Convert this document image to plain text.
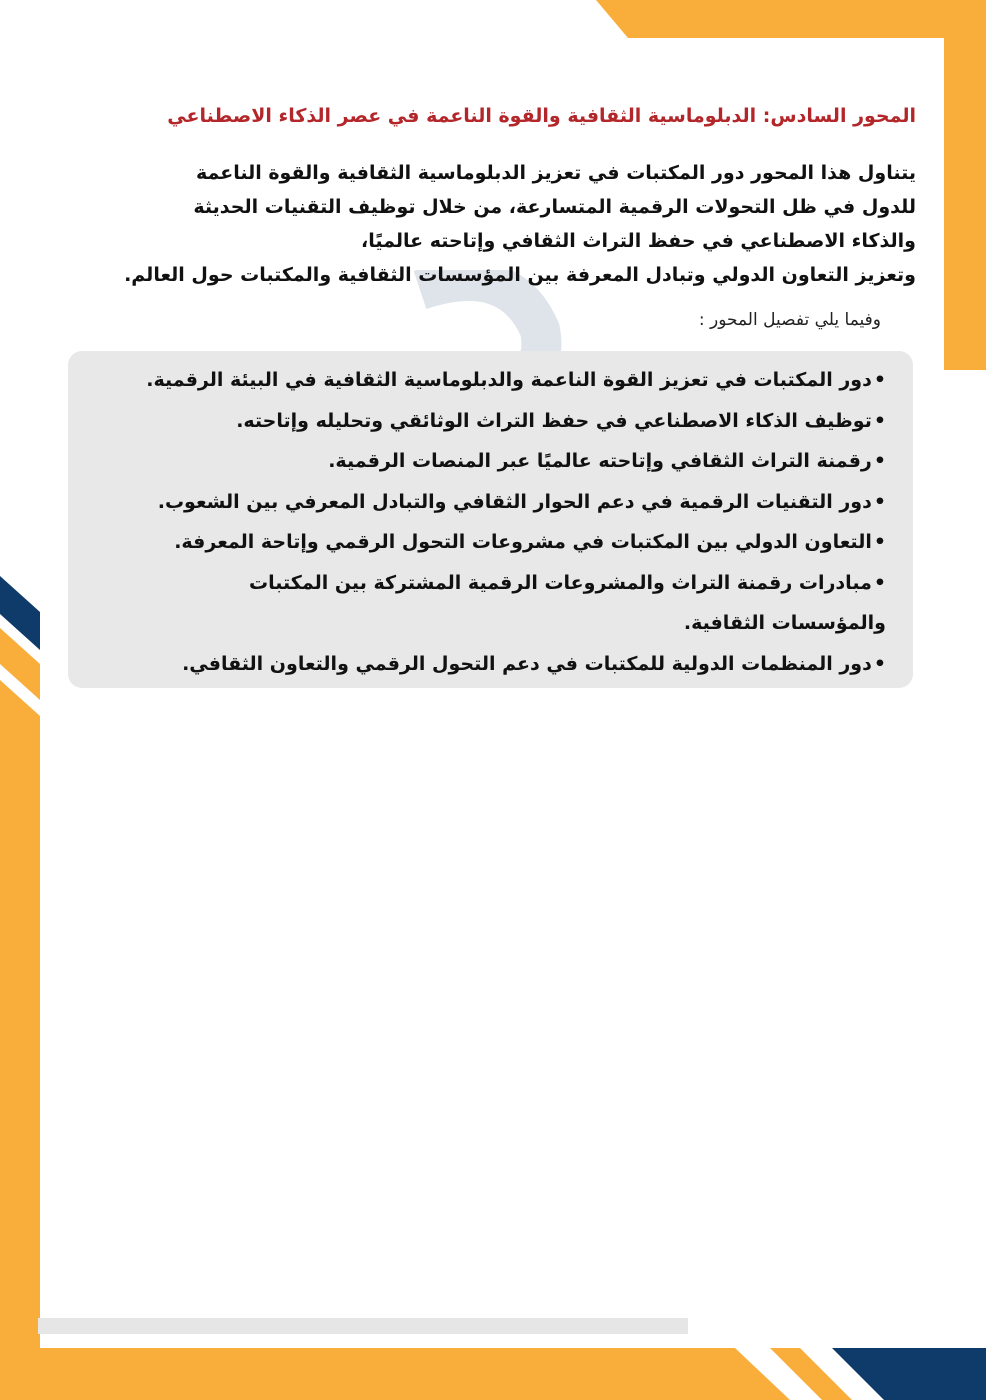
المحور السادس: الدبلوماسية الثقافية والقوة الناعمة في عصر الذكاء الاصطناعي

يتناول هذا المحور دور المكتبات في تعزيز الدبلوماسية الثقافية والقوة الناعمة

للدول في ظل التحولات الرقمية المتسارعة، من خلال توظيف التقنيات الحديثة

والذكاء الاصطناعي في حفظ التراث الثقافي وإتاحته عالميًا،

وتعزيز التعاون الدولي وتبادل المعرفة بين المؤسسات الثقافية والمكتبات حول العالم.

وفيما يلي تفصيل المحور :
•دور المكتبات في تعزيز القوة الناعمة والدبلوماسية الثقافية في البيئة الرقمية.
•توظيف الذكاء الاصطناعي في حفظ التراث الوثائقي وتحليله وإتاحته.
•رقمنة التراث الثقافي وإتاحته عالميًا عبر المنصات الرقمية.
•دور التقنيات الرقمية في دعم الحوار الثقافي والتبادل المعرفي بين الشعوب.
•التعاون الدولي بين المكتبات في مشروعات التحول الرقمي وإتاحة المعرفة.
•مبادرات رقمنة التراث والمشروعات الرقمية المشتركة بين المكتبات
والمؤسسات الثقافية.
•دور المنظمات الدولية للمكتبات في دعم التحول الرقمي والتعاون الثقافي.
